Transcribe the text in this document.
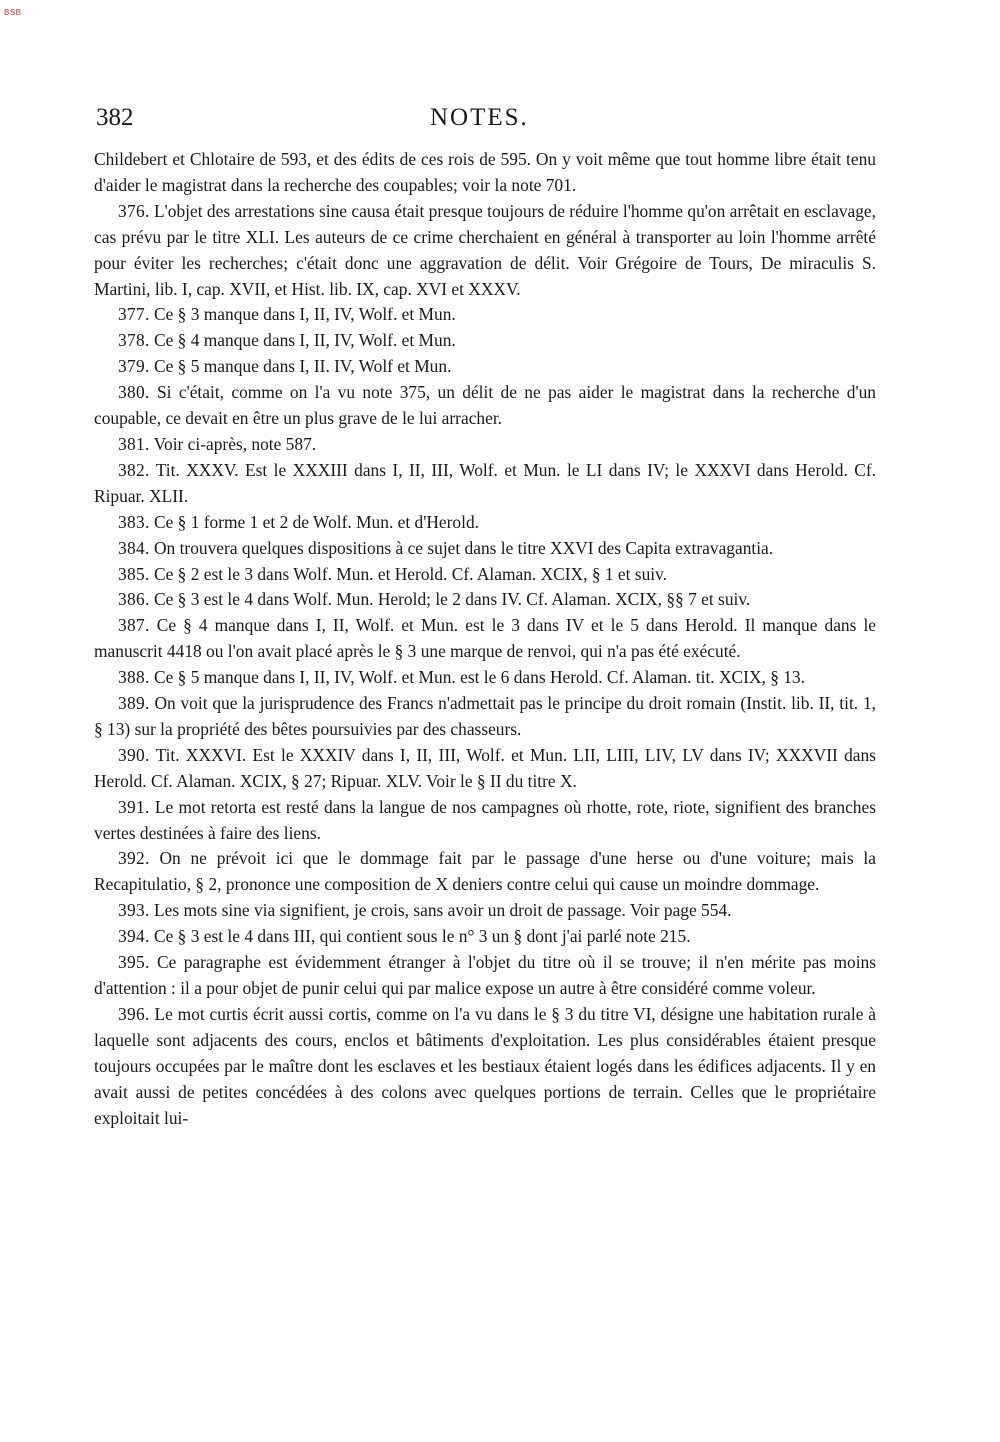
BSB
382	NOTES.

Childebert et Chlotaire de 593, et des édits de ces rois de 595. On y voit même que tout homme libre était tenu d'aider le magistrat dans la recherche des coupables; voir la note 701.

376. L'objet des arrestations sine causa était presque toujours de réduire l'homme qu'on arrêtait en esclavage, cas prévu par le titre XLI. Les auteurs de ce crime cherchaient en général à transporter au loin l'homme arrêté pour éviter les recherches; c'était donc une aggravation de délit. Voir Grégoire de Tours, De miraculis S. Martini, lib. I, cap. XVII, et Hist. lib. IX, cap. XVI et XXXV.

377. Ce § 3 manque dans I, II, IV, Wolf. et Mun.

378. Ce § 4 manque dans I, II, IV, Wolf. et Mun.

379. Ce § 5 manque dans I, II. IV, Wolf et Mun.

380. Si c'était, comme on l'a vu note 375, un délit de ne pas aider le magistrat dans la recherche d'un coupable, ce devait en être un plus grave de le lui arracher.

381. Voir ci-après, note 587.

382. Tit. XXXV. Est le XXXIII dans I, II, III, Wolf. et Mun. le LI dans IV; le XXXVI dans Herold. Cf. Ripuar. XLII.

383. Ce § 1 forme 1 et 2 de Wolf. Mun. et d'Herold.

384. On trouvera quelques dispositions à ce sujet dans le titre XXVI des Capita extravagantia.

385. Ce § 2 est le 3 dans Wolf. Mun. et Herold. Cf. Alaman. XCIX, § 1 et suiv.

386. Ce § 3 est le 4 dans Wolf. Mun. Herold; le 2 dans IV. Cf. Alaman. XCIX, §§ 7 et suiv.

387. Ce § 4 manque dans I, II, Wolf. et Mun. est le 3 dans IV et le 5 dans Herold. Il manque dans le manuscrit 4418 ou l'on avait placé après le § 3 une marque de renvoi, qui n'a pas été exécuté.

388. Ce § 5 manque dans I, II, IV, Wolf. et Mun. est le 6 dans Herold. Cf. Alaman. tit. XCIX, § 13.

389. On voit que la jurisprudence des Francs n'admettait pas le principe du droit romain (Instit. lib. II, tit. 1, § 13) sur la propriété des bêtes poursuivies par des chasseurs.

390. Tit. XXXVI. Est le XXXIV dans I, II, III, Wolf. et Mun. LII, LIII, LIV, LV dans IV; XXXVII dans Herold. Cf. Alaman. XCIX, § 27; Ripuar. XLV. Voir le § II du titre X.

391. Le mot retorta est resté dans la langue de nos campagnes où rhotte, rote, riote, signifient des branches vertes destinées à faire des liens.

392. On ne prévoit ici que le dommage fait par le passage d'une herse ou d'une voiture; mais la Recapitulatio, § 2, prononce une composition de X deniers contre celui qui cause un moindre dommage.

393. Les mots sine via signifient, je crois, sans avoir un droit de passage. Voir page 554.

394. Ce § 3 est le 4 dans III, qui contient sous le n° 3 un § dont j'ai parlé note 215.

395. Ce paragraphe est évidemment étranger à l'objet du titre où il se trouve; il n'en mérite pas moins d'attention : il a pour objet de punir celui qui par malice expose un autre à être considéré comme voleur.

396. Le mot curtis écrit aussi cortis, comme on l'a vu dans le § 3 du titre VI, désigne une habitation rurale à laquelle sont adjacents des cours, enclos et bâtiments d'exploitation. Les plus considérables étaient presque toujours occupées par le maître dont les esclaves et les bestiaux étaient logés dans les édifices adjacents. Il y en avait aussi de petites concédées à des colons avec quelques portions de terrain. Celles que le propriétaire exploitait lui-
